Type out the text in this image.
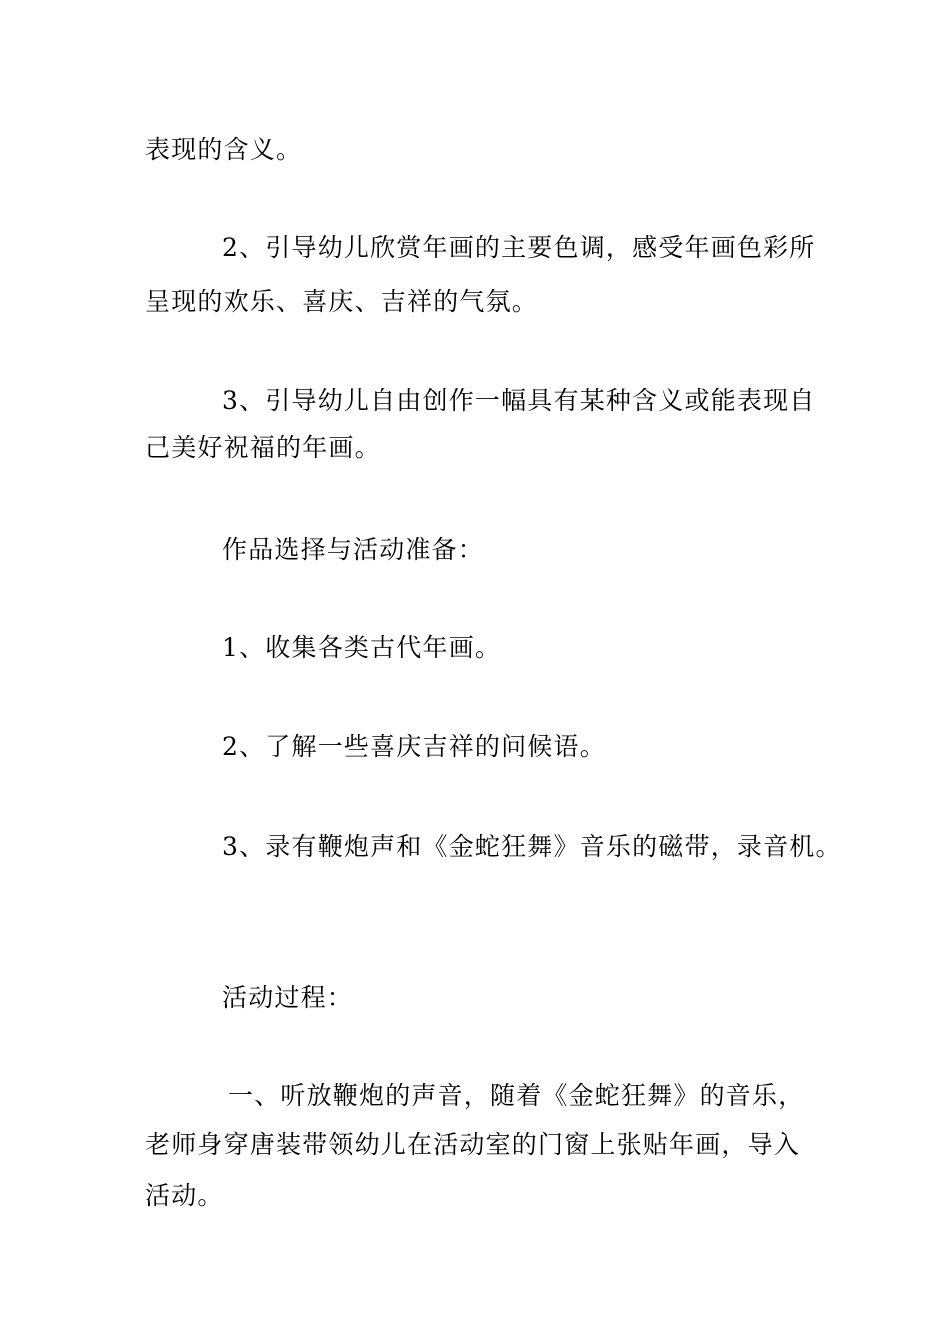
表现的含义。
2、引导幼儿欣赏年画的主要色调，感受年画色彩所
呈现的欢乐、喜庆、吉祥的气氛。
3、引导幼儿自由创作一幅具有某种含义或能表现自
己美好祝福的年画。
作品选择与活动准备：
1、收集各类古代年画。
2、了解一些喜庆吉祥的问候语。
3、录有鞭炮声和《金蛇狂舞》音乐的磁带，录音机。
活动过程：
一、听放鞭炮的声音，随着《金蛇狂舞》的音乐，
老师身穿唐装带领幼儿在活动室的门窗上张贴年画，导入
活动。
